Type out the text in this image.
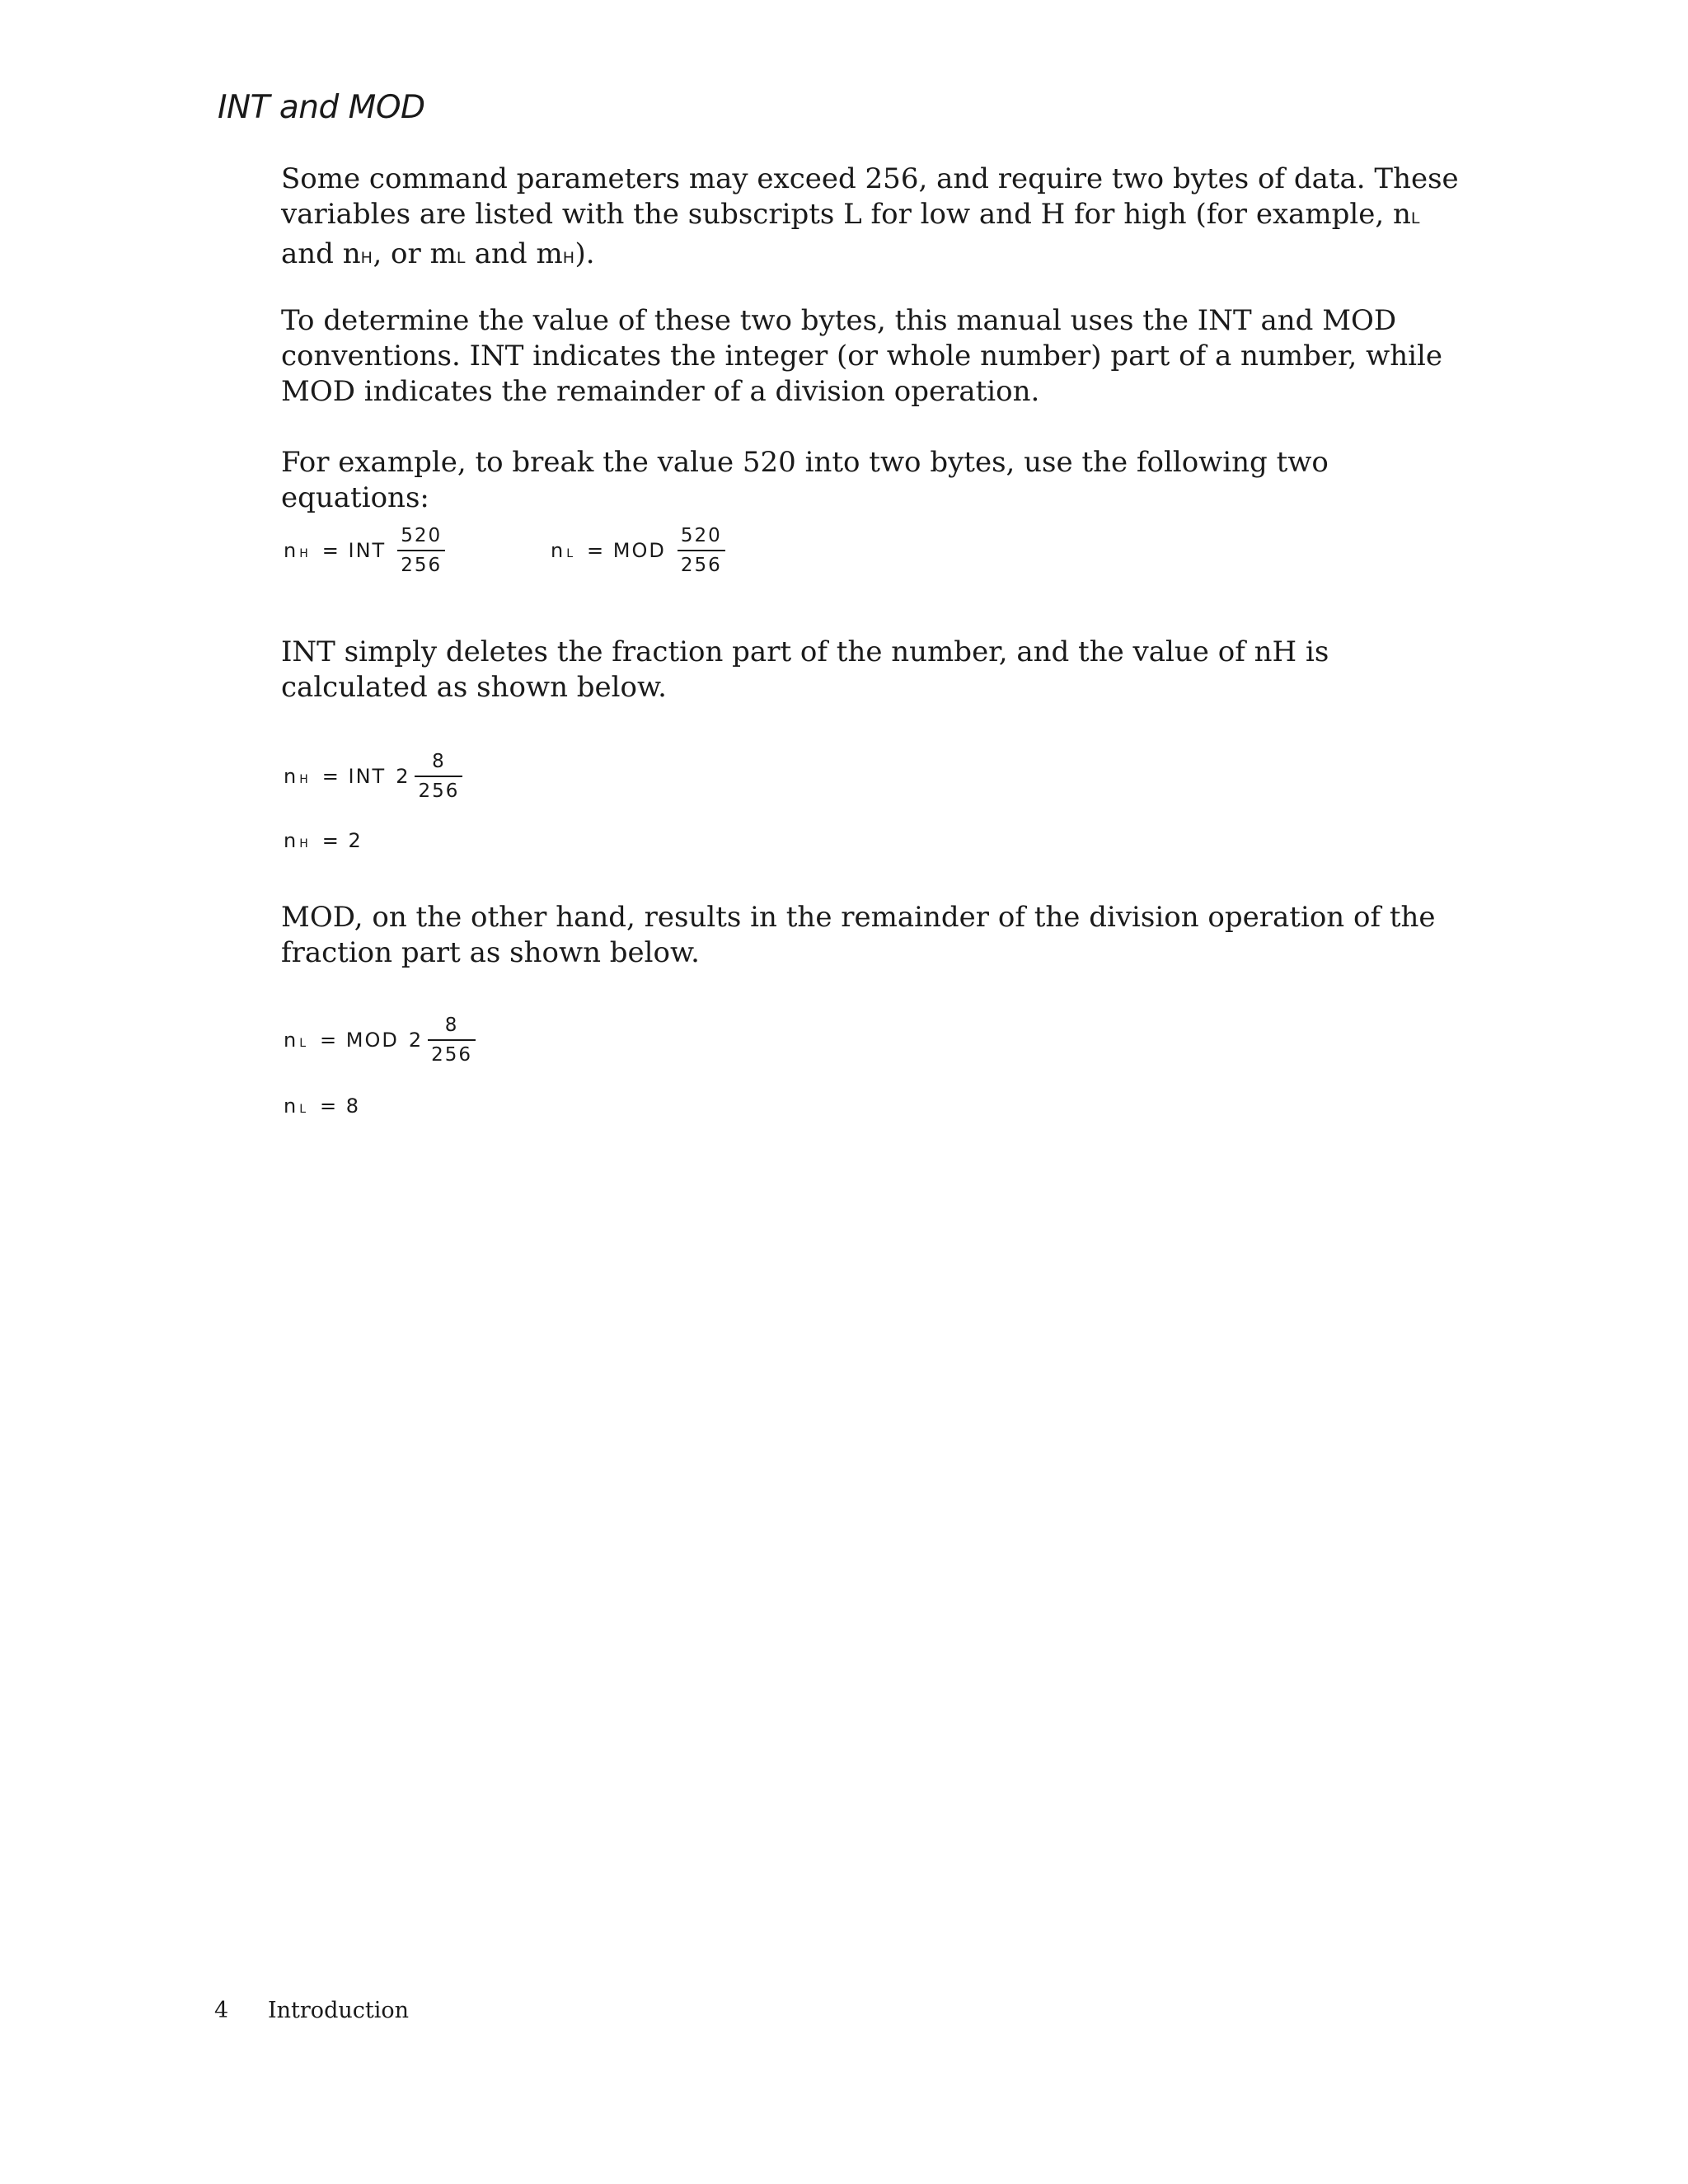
INT and MOD

Some command parameters may exceed 256, and require two bytes of data. These variables are listed with the subscripts L for low and H for high (for example, nL and nH, or mL and mH).

To determine the value of these two bytes, this manual uses the INT and MOD conventions. INT indicates the integer (or whole number) part of a number, while MOD indicates the remainder of a division operation.

For example, to break the value 520 into two bytes, use the following two equations:

n H = INT $\frac{520}{256}$	n L = MOD $\frac{520}{256}$

INT simply deletes the fraction part of the number, and the value of nH is calculated as shown below.

n H = INT $2 \frac{8}{256}$
n H = 2

MOD, on the other hand, results in the remainder of the division operation of the fraction part as shown below.

n L = MOD $2 \frac{8}{256}$
n L = 8
4 Introduction
